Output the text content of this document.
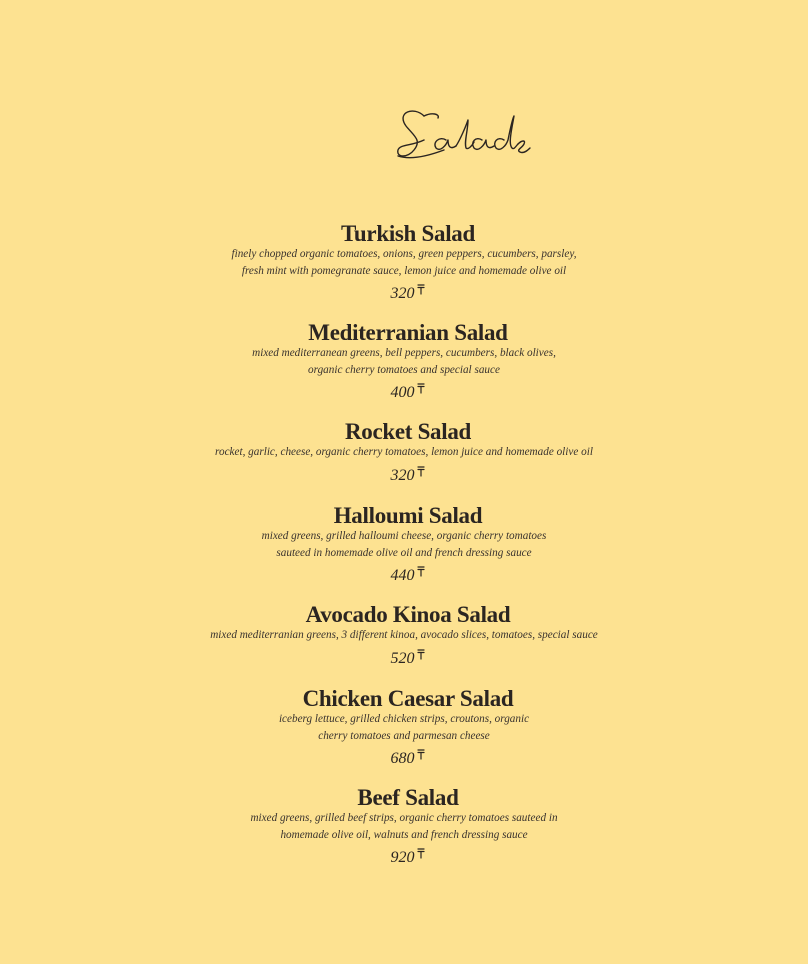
Turkish Salad
finely chopped organic tomatoes, onions, green peppers, cucumbers, parsley,
fresh mint with pomegranate sauce, lemon juice and homemade olive oil
320
Mediterranian Salad
mixed mediterranean greens, bell peppers, cucumbers, black olives,
organic cherry tomatoes and special sauce
400
Rocket Salad
rocket, garlic, cheese, organic cherry tomatoes, lemon juice and homemade olive oil
320
Halloumi Salad
mixed greens, grilled halloumi cheese, organic cherry tomatoes
sauteed in homemade olive oil and french dressing sauce
440
Avocado Kinoa Salad
mixed mediterranian greens, 3 different kinoa, avocado slices, tomatoes, special sauce
520
Chicken Caesar Salad
iceberg lettuce, grilled chicken strips, croutons, organic
cherry tomatoes and parmesan cheese
680
Beef Salad
mixed greens, grilled beef strips, organic cherry tomatoes sauteed in
homemade olive oil, walnuts and french dressing sauce
920
